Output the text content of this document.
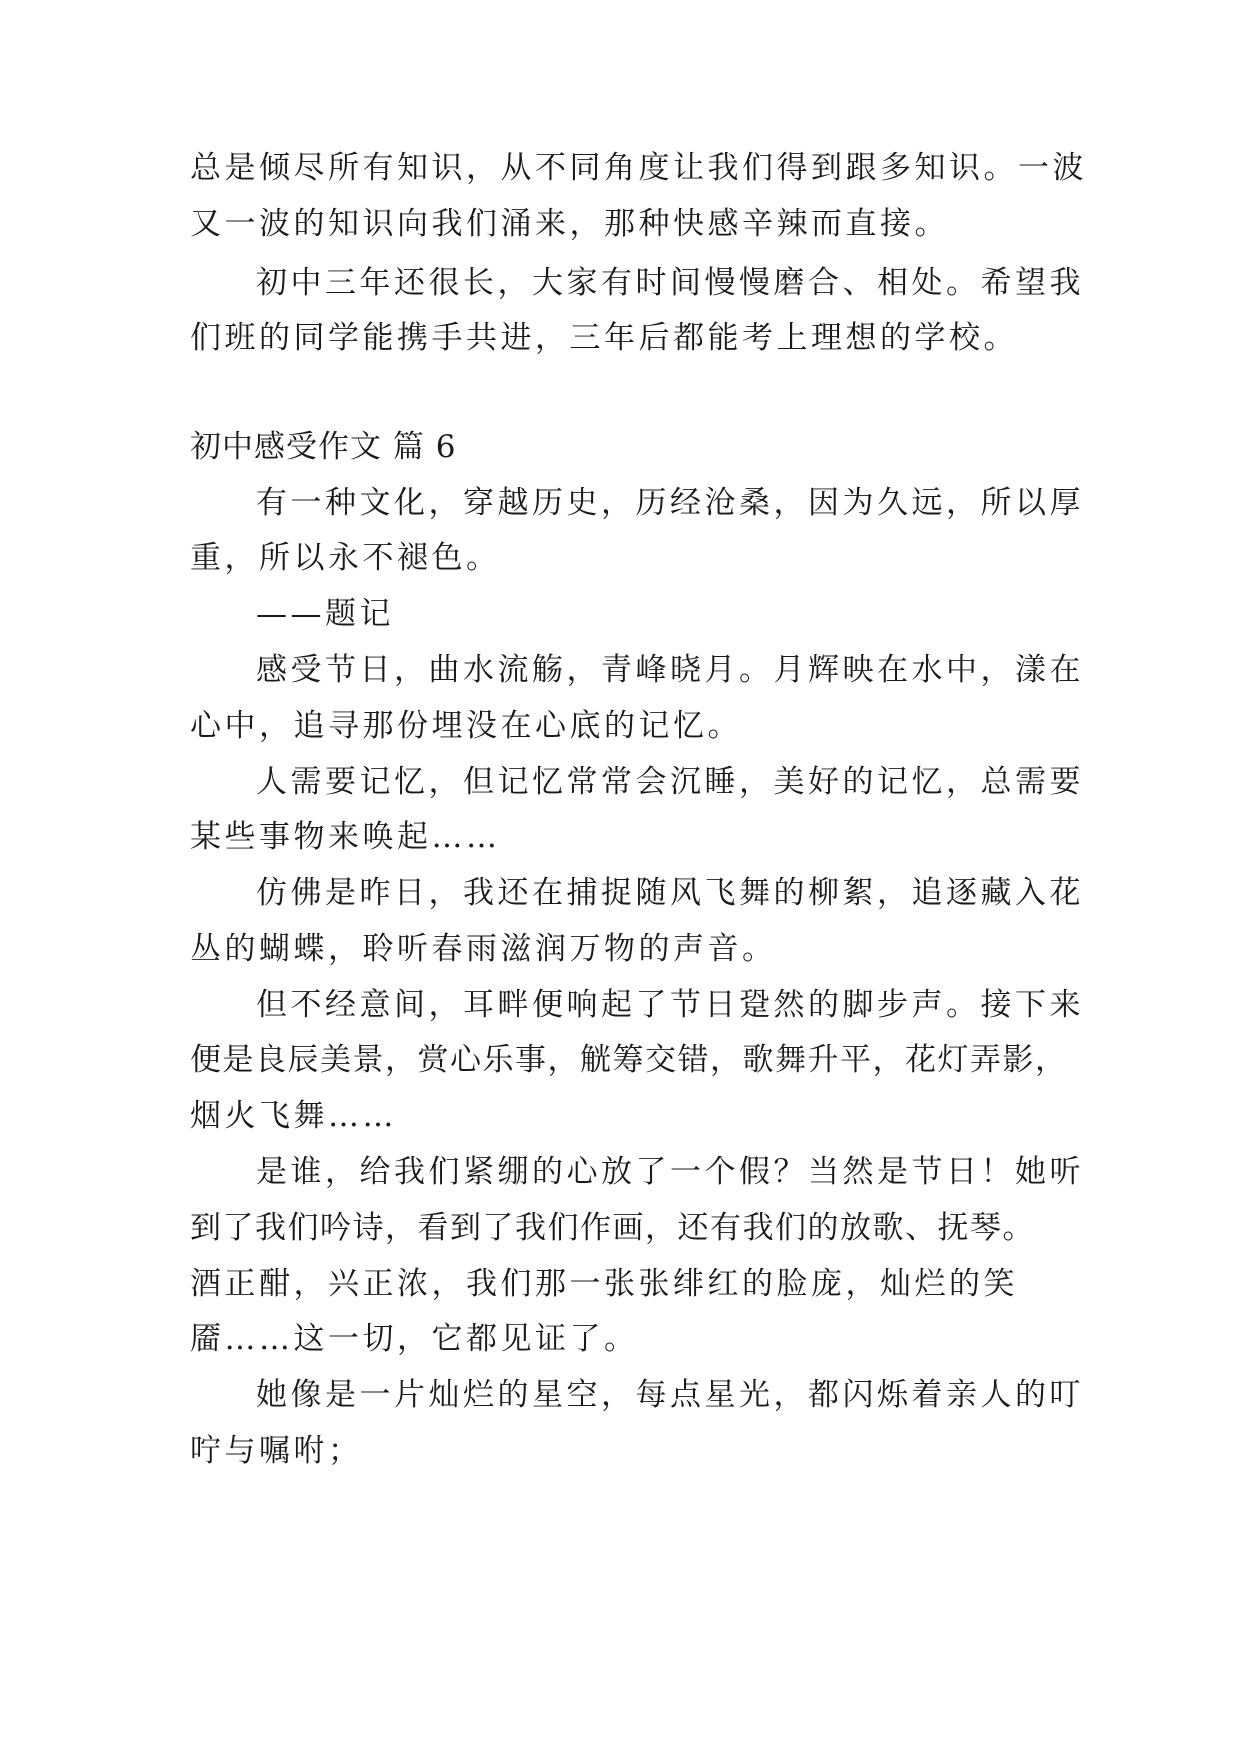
总是倾尽所有知识，从不同角度让我们得到跟多知识。一波
又一波的知识向我们涌来，那种快感辛辣而直接。
初中三年还很长，大家有时间慢慢磨合、相处。希望我
们班的同学能携手共进，三年后都能考上理想的学校。
初中感受作文 篇 6
有一种文化，穿越历史，历经沧桑，因为久远，所以厚
重，所以永不褪色。
——题记
感受节日，曲水流觞，青峰晓月。月辉映在水中，漾在
心中，追寻那份埋没在心底的记忆。
人需要记忆，但记忆常常会沉睡，美好的记忆，总需要
某些事物来唤起……
仿佛是昨日，我还在捕捉随风飞舞的柳絮，追逐藏入花
丛的蝴蝶，聆听春雨滋润万物的声音。
但不经意间，耳畔便响起了节日跫然的脚步声。接下来
便是良辰美景，赏心乐事，觥筹交错，歌舞升平，花灯弄影，
烟火飞舞……
是谁，给我们紧绷的心放了一个假？当然是节日！她听
到了我们吟诗，看到了我们作画，还有我们的放歌、抚琴。
酒正酣，兴正浓，我们那一张张绯红的脸庞，灿烂的笑
靥……这一切，它都见证了。
她像是一片灿烂的星空，每点星光，都闪烁着亲人的叮
咛与嘱咐；
